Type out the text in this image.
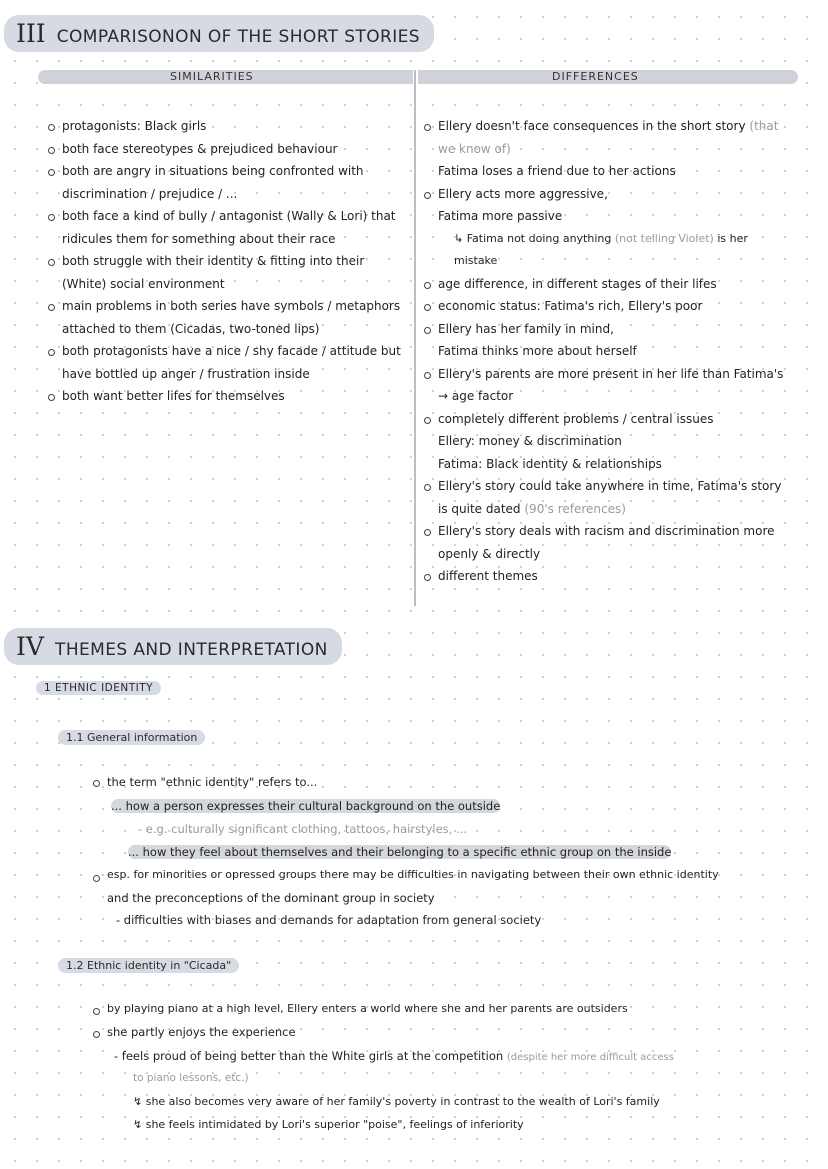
III COMPARISONON OF THE SHORT STORIES
SIMILARITIES	DIFFERENCES
protagonists: Black girls
both face stereotypes & prejudiced behaviour
both are angry in situations being confronted with discrimination / prejudice / ...
both face a kind of bully / antagonist (Wally & Lori) that ridicules them for something about their race
both struggle with their identity & fitting into their (White) social environment
main problems in both series have symbols / metaphors attached to them (Cicadas, two-toned lips)
both protagonists have a nice / shy facade / attitude but have bottled up anger / frustration inside
both want better lifes for themselves
Ellery doesn't face consequences in the short story (that we know of)
Fatima loses a friend due to her actions
Ellery acts more aggressive,
Fatima more passive
↳ Fatima not doing anything (not telling Violet) is her mistake
age difference, in different stages of their lifes
economic status: Fatima's rich, Ellery's poor
Ellery has her family in mind,
Fatima thinks more about herself
Ellery's parents are more present in her life than Fatima's → age factor
completely different problems / central issues
Ellery: money & discrimination
Fatima: Black identity & relationships
Ellery's story could take anywhere in time, Fatima's story is quite dated (90's references)
Ellery's story deals with racism and discrimination more openly & directly
different themes
IV THEMES AND INTERPRETATION
1 ETHNIC IDENTITY
1.1 General information
the term "ethnic identity" refers to...
... how a person expresses their cultural background on the outside
- e.g. culturally significant clothing, tattoos, hairstyles, ...
... how they feel about themselves and their belonging to a specific ethnic group on the inside
esp. for minorities or opressed groups there may be difficulties in navigating between their own ethnic identity
and the preconceptions of the dominant group in society
- difficulties with biases and demands for adaptation from general society
1.2 Ethnic identity in "Cicada"
by playing piano at a high level, Ellery enters a world where she and her parents are outsiders
she partly enjoys the experience
- feels proud of being better than the White girls at the competition (despite her more difficult access
to piano lessons, etc.)
↯ she also becomes very aware of her family's poverty in contrast to the wealth of Lori's family
↯ she feels intimidated by Lori's superior "poise", feelings of inferiority
